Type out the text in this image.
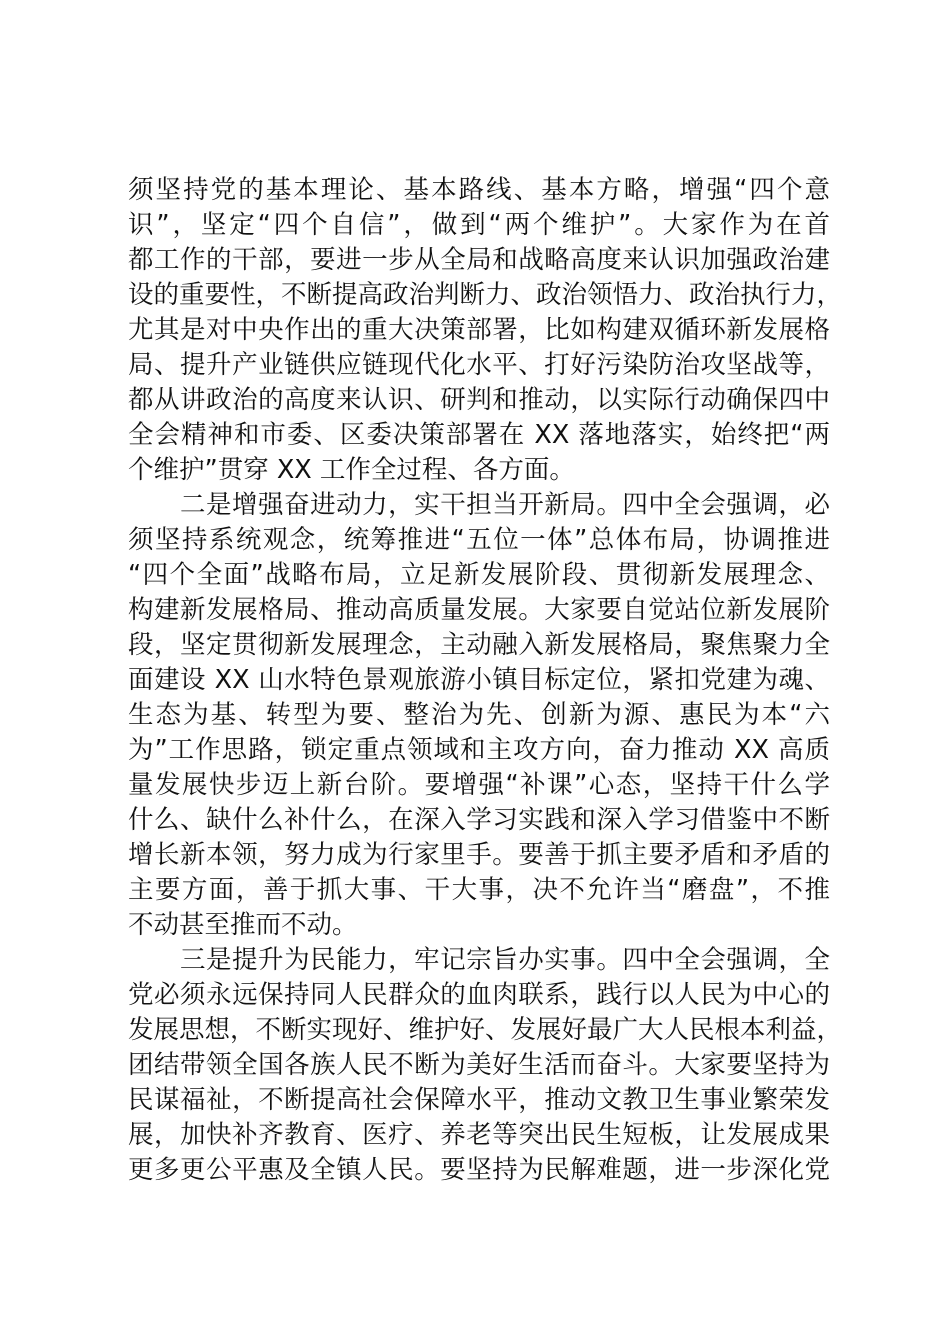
须坚持党的基本理论、基本路线、基本方略，增强“四个意
识”，坚定“四个自信”，做到“两个维护”。大家作为在首
都工作的干部，要进一步从全局和战略高度来认识加强政治建
设的重要性，不断提高政治判断力、政治领悟力、政治执行力，
尤其是对中央作出的重大决策部署，比如构建双循环新发展格
局、提升产业链供应链现代化水平、打好污染防治攻坚战等，
都从讲政治的高度来认识、研判和推动，以实际行动确保四中
全会精神和市委、区委决策部署在 XX 落地落实，始终把“两
个维护”贯穿 XX 工作全过程、各方面。
二是增强奋进动力，实干担当开新局。四中全会强调，必
须坚持系统观念，统筹推进“五位一体”总体布局，协调推进
“四个全面”战略布局，立足新发展阶段、贯彻新发展理念、
构建新发展格局、推动高质量发展。大家要自觉站位新发展阶
段，坚定贯彻新发展理念，主动融入新发展格局，聚焦聚力全
面建设 XX 山水特色景观旅游小镇目标定位，紧扣党建为魂、
生态为基、转型为要、整治为先、创新为源、惠民为本“六
为”工作思路，锁定重点领域和主攻方向，奋力推动 XX 高质
量发展快步迈上新台阶。要增强“补课”心态，坚持干什么学
什么、缺什么补什么，在深入学习实践和深入学习借鉴中不断
增长新本领，努力成为行家里手。要善于抓主要矛盾和矛盾的
主要方面，善于抓大事、干大事，决不允许当“磨盘”，不推
不动甚至推而不动。
三是提升为民能力，牢记宗旨办实事。四中全会强调，全
党必须永远保持同人民群众的血肉联系，践行以人民为中心的
发展思想，不断实现好、维护好、发展好最广大人民根本利益，
团结带领全国各族人民不断为美好生活而奋斗。大家要坚持为
民谋福祉，不断提高社会保障水平，推动文教卫生事业繁荣发
展，加快补齐教育、医疗、养老等突出民生短板，让发展成果
更多更公平惠及全镇人民。要坚持为民解难题，进一步深化党
